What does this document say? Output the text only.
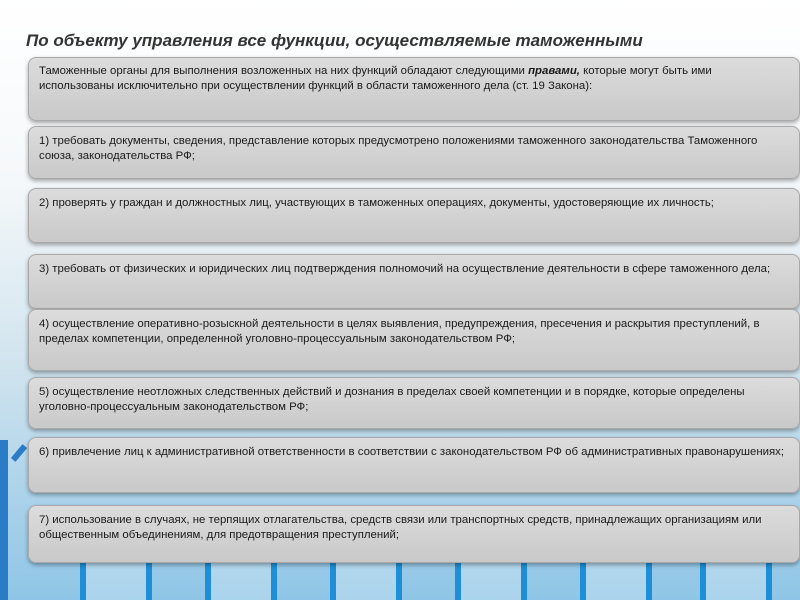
По объекту управления все функции, осуществляемые таможенными
Таможенные органы для выполнения возложенных на них функций обладают следующими правами, которые могут быть ими использованы исключительно при осуществлении функций в области таможенного дела (ст. 19 Закона):
1) требовать документы, сведения, представление которых предусмотрено положениями таможенного законодательства Таможенного союза, законодательства РФ;
2) проверять у граждан и должностных лиц, участвующих в таможенных операциях, документы, удостоверяющие их личность;
3) требовать от физических и юридических лиц подтверждения полномочий на осуществление деятельности в сфере таможенного дела;
4) осуществление оперативно-розыскной деятельности в целях выявления, предупреждения, пресечения и раскрытия преступлений, в пределах компетенции, определенной уголовно-процессуальным законодательством РФ;
5) осуществление неотложных следственных действий и дознания в пределах своей компетенции и в порядке, которые определены уголовно-процессуальным законодательством РФ;
6) привлечение лиц к административной ответственности в соответствии с законодательством РФ об административных правонарушениях;
7) использование в случаях, не терпящих отлагательства, средств связи или транспортных средств, принадлежащих организациям или общественным объединениям, для предотвращения преступлений;
